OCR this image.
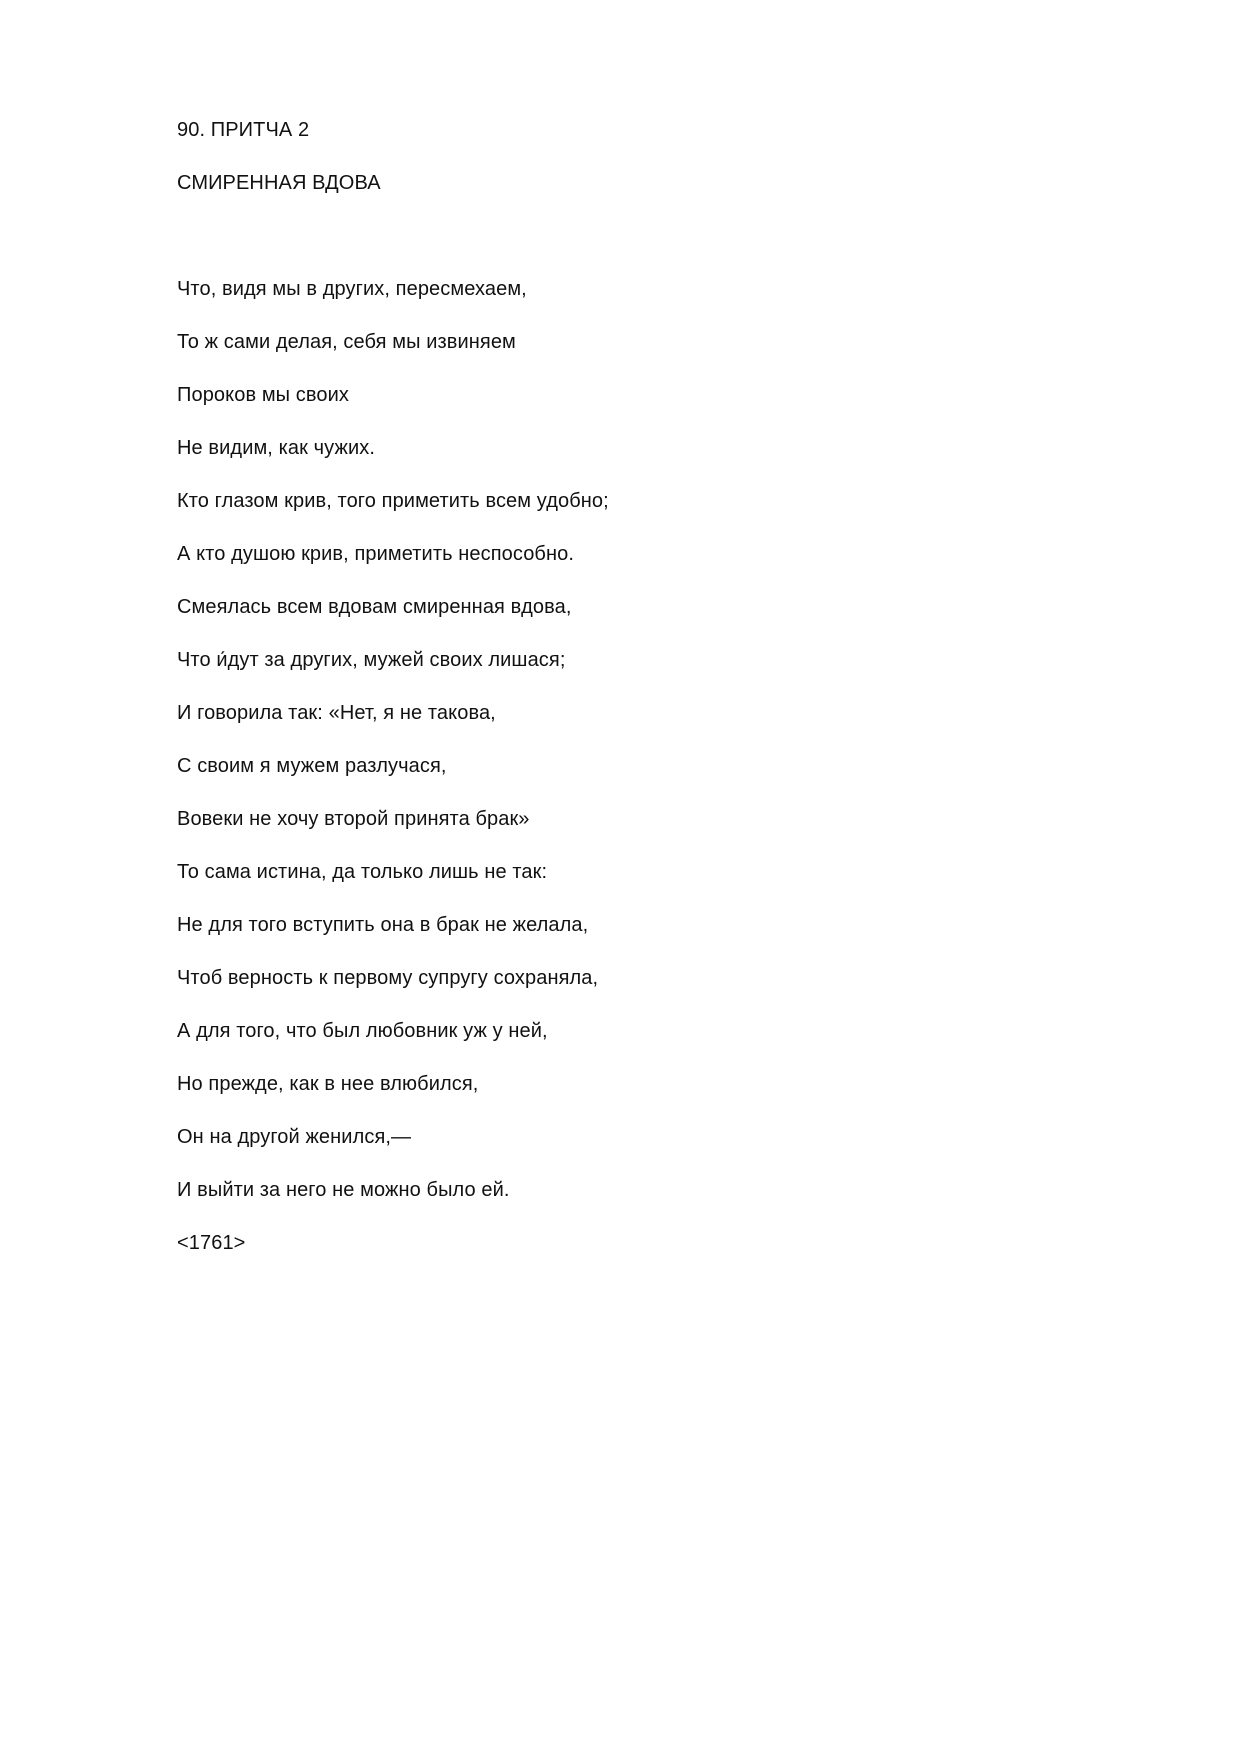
90. ПРИТЧА 2
СМИРЕННАЯ ВДОВА
Что, видя мы в других, пересмехаем,
То ж сами делая, себя мы извиняем
Пороков мы своих
Не видим, как чужих.
Кто глазом крив, того приметить всем удобно;
А кто душою крив, приметить неспособно.
Смеялась всем вдовам смиренная вдова,
Что и́дут за других, мужей своих лишася;
И говорила так: «Нет, я не такова,
С своим я мужем разлучася,
Вовеки не хочу второй принята брак»
То сама истина, да только лишь не так:
Не для того вступить она в брак не желала,
Чтоб верность к первому супругу сохраняла,
А для того, что был любовник уж у ней,
Но прежде, как в нее влюбился,
Он на другой женился,—
И выйти за него не можно было ей.
<1761>
